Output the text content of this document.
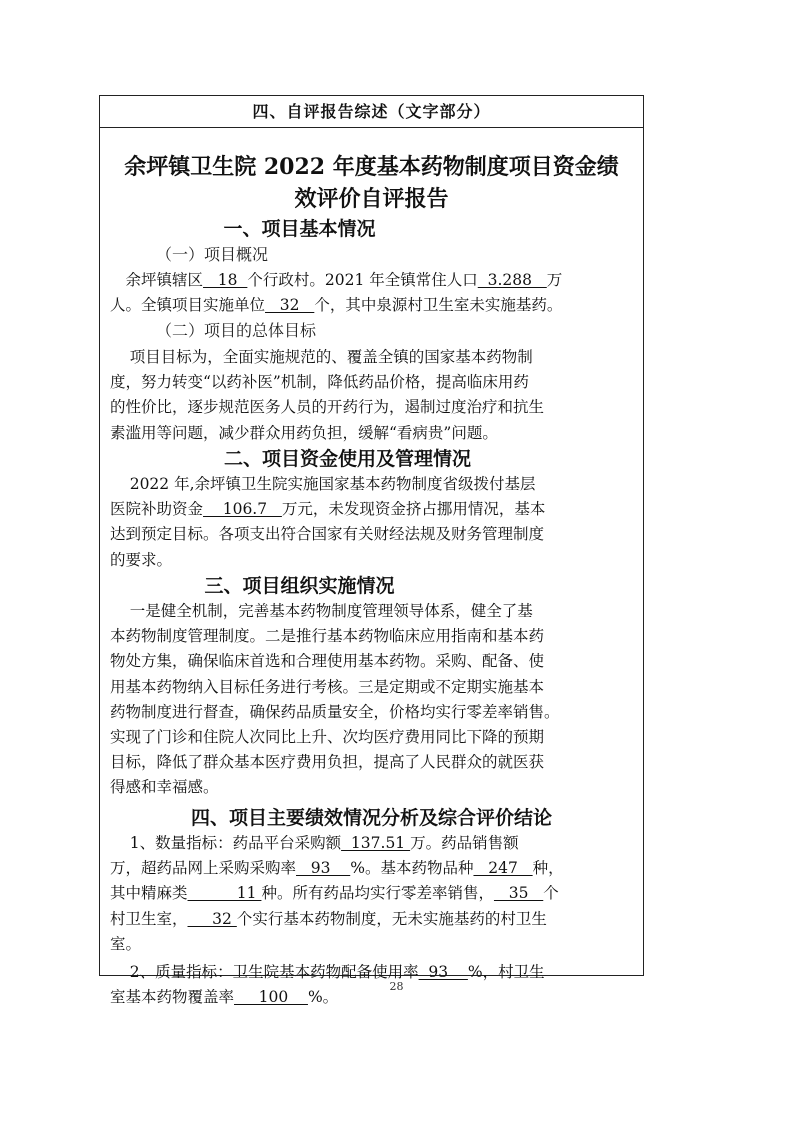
四、自评报告综述（文字部分）
余坪镇卫生院 2022 年度基本药物制度项目资金绩
效评价自评报告
一、项目基本情况
（一）项目概况
  余坪镇辖区   18  个行政村。2021 年全镇常住人口  3.288   万
人。全镇项目实施单位   32   个，其中泉源村卫生室未实施基药。
（二）项目的总体目标
项目目标为，全面实施规范的、覆盖全镇的国家基本药物制
度，努力转变“以药补医”机制，降低药品价格，提高临床用药
的性价比，逐步规范医务人员的开药行为，遏制过度治疗和抗生
素滥用等问题，减少群众用药负担，缓解“看病贵”问题。
二、项目资金使用及管理情况
2022 年,余坪镇卫生院实施国家基本药物制度省级拨付基层
医院补助资金    106.7   万元，未发现资金挤占挪用情况，基本
达到预定目标。各项支出符合国家有关财经法规及财务管理制度
的要求。
三、项目组织实施情况
一是健全机制，完善基本药物制度管理领导体系，健全了基
本药物制度管理制度。二是推行基本药物临床应用指南和基本药
物处方集，确保临床首选和合理使用基本药物。采购、配备、使
用基本药物纳入目标任务进行考核。三是定期或不定期实施基本
药物制度进行督查，确保药品质量安全，价格均实行零差率销售。
实现了门诊和住院人次同比上升、次均医疗费用同比下降的预期
目标，降低了群众基本医疗费用负担，提高了人民群众的就医获
得感和幸福感。
四、项目主要绩效情况分析及综合评价结论
1、数量指标：药品平台采购额  137.51 万。药品销售额
万，超药品网上采购采购率   93    %。基本药物品种   247   种，
其中精麻类          11 种。所有药品均实行零差率销售，   35   个
村卫生室，     32 个实行基本药物制度，无未实施基药的村卫生
室。
2、质量指标：卫生院基本药物配备使用率  93    %，村卫生
室基本药物覆盖率     100    %。
28
